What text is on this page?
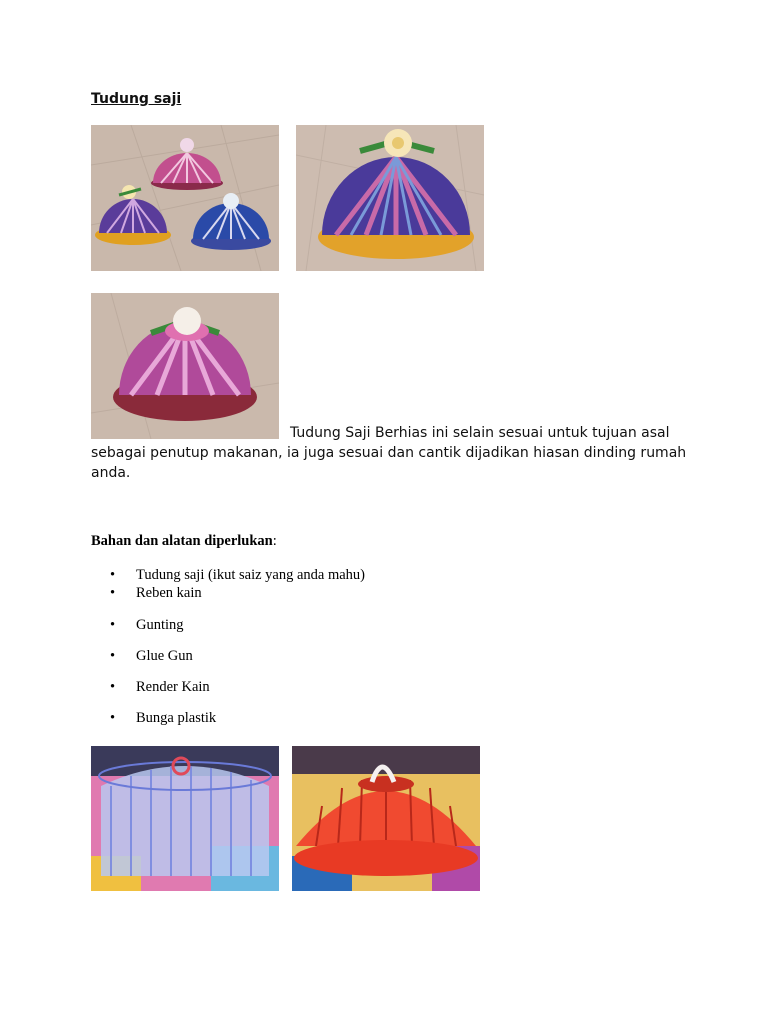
Tudung saji

Tudung Saji Berhias ini selain sesuai untuk tujuan asal sebagai penutup makanan, ia juga sesuai dan cantik dijadikan hiasan dinding rumah anda.

Bahan dan alatan diperlukan:
• Tudung saji (ikut saiz yang anda mahu)
• Reben kain
• Gunting
• Glue Gun
• Render Kain
• Bunga plastik
